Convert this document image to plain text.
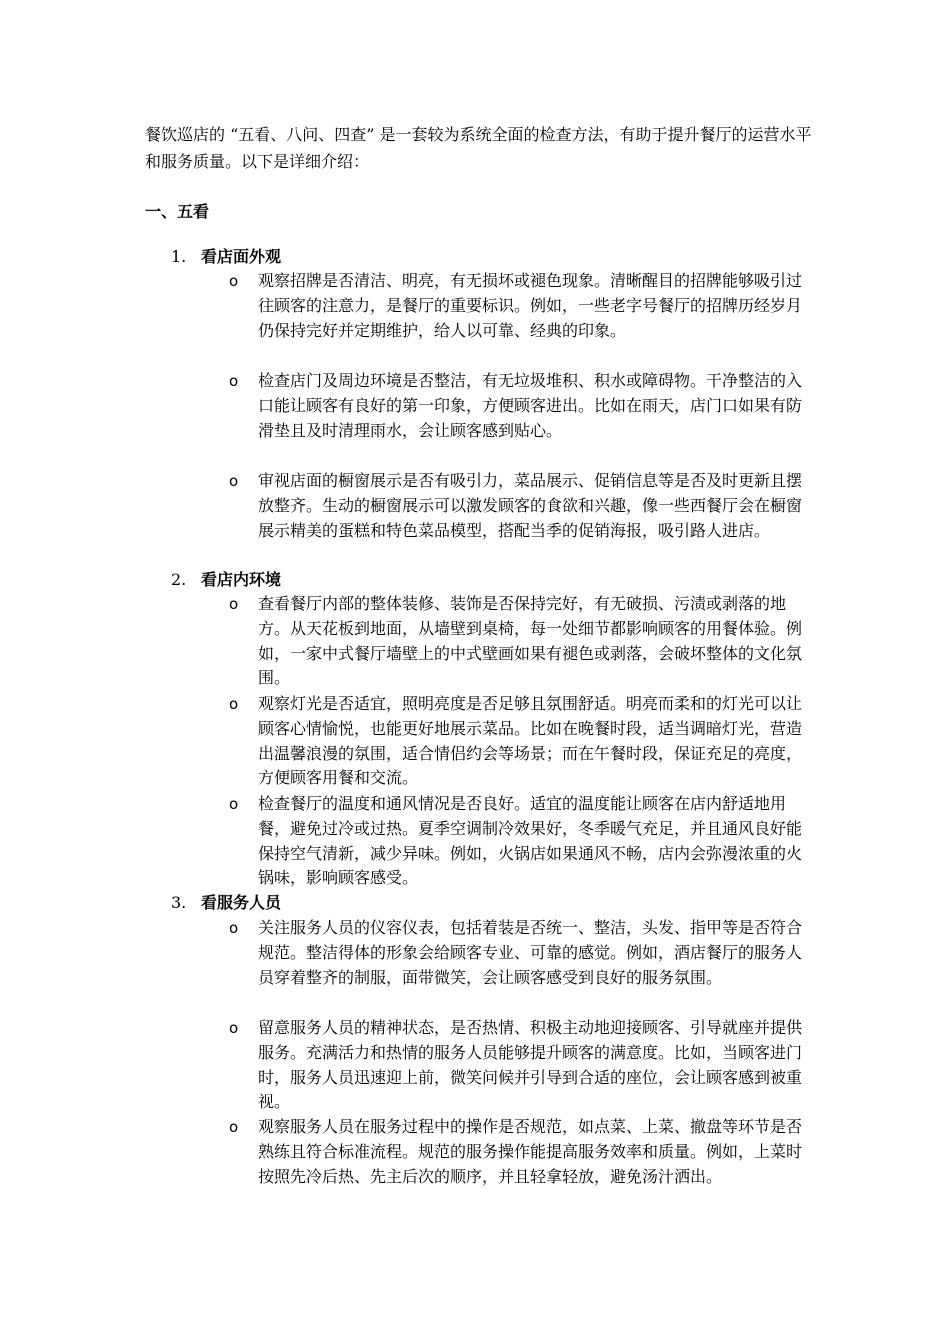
餐饮巡店的 “五看、八问、四查” 是一套较为系统全面的检查方法，有助于提升餐厅的运营水平和服务质量。以下是详细介绍：

一、五看
1. 看店面外观
o 观察招牌是否清洁、明亮，有无损坏或褪色现象。清晰醒目的招牌能够吸引过往顾客的注意力，是餐厅的重要标识。例如，一些老字号餐厅的招牌历经岁月仍保持完好并定期维护，给人以可靠、经典的印象。
o 检查店门及周边环境是否整洁，有无垃圾堆积、积水或障碍物。干净整洁的入口能让顾客有良好的第一印象，方便顾客进出。比如在雨天，店门口如果有防滑垫且及时清理雨水，会让顾客感到贴心。
o 审视店面的橱窗展示是否有吸引力，菜品展示、促销信息等是否及时更新且摆放整齐。生动的橱窗展示可以激发顾客的食欲和兴趣，像一些西餐厅会在橱窗展示精美的蛋糕和特色菜品模型，搭配当季的促销海报，吸引路人进店。
2. 看店内环境
o 查看餐厅内部的整体装修、装饰是否保持完好，有无破损、污渍或剥落的地方。从天花板到地面，从墙壁到桌椅，每一处细节都影响顾客的用餐体验。例如，一家中式餐厅墙壁上的中式壁画如果有褪色或剥落，会破坏整体的文化氛围。
o 观察灯光是否适宜，照明亮度是否足够且氛围舒适。明亮而柔和的灯光可以让顾客心情愉悦，也能更好地展示菜品。比如在晚餐时段，适当调暗灯光，营造出温馨浪漫的氛围，适合情侣约会等场景；而在午餐时段，保证充足的亮度，方便顾客用餐和交流。
o 检查餐厅的温度和通风情况是否良好。适宜的温度能让顾客在店内舒适地用餐，避免过冷或过热。夏季空调制冷效果好，冬季暖气充足，并且通风良好能保持空气清新，减少异味。例如，火锅店如果通风不畅，店内会弥漫浓重的火锅味，影响顾客感受。
3. 看服务人员
o 关注服务人员的仪容仪表，包括着装是否统一、整洁，头发、指甲等是否符合规范。整洁得体的形象会给顾客专业、可靠的感觉。例如，酒店餐厅的服务人员穿着整齐的制服，面带微笑，会让顾客感受到良好的服务氛围。
o 留意服务人员的精神状态，是否热情、积极主动地迎接顾客、引导就座并提供服务。充满活力和热情的服务人员能够提升顾客的满意度。比如，当顾客进门时，服务人员迅速迎上前，微笑问候并引导到合适的座位，会让顾客感到被重视。
o 观察服务人员在服务过程中的操作是否规范，如点菜、上菜、撤盘等环节是否熟练且符合标准流程。规范的服务操作能提高服务效率和质量。例如，上菜时按照先冷后热、先主后次的顺序，并且轻拿轻放，避免汤汁洒出。
